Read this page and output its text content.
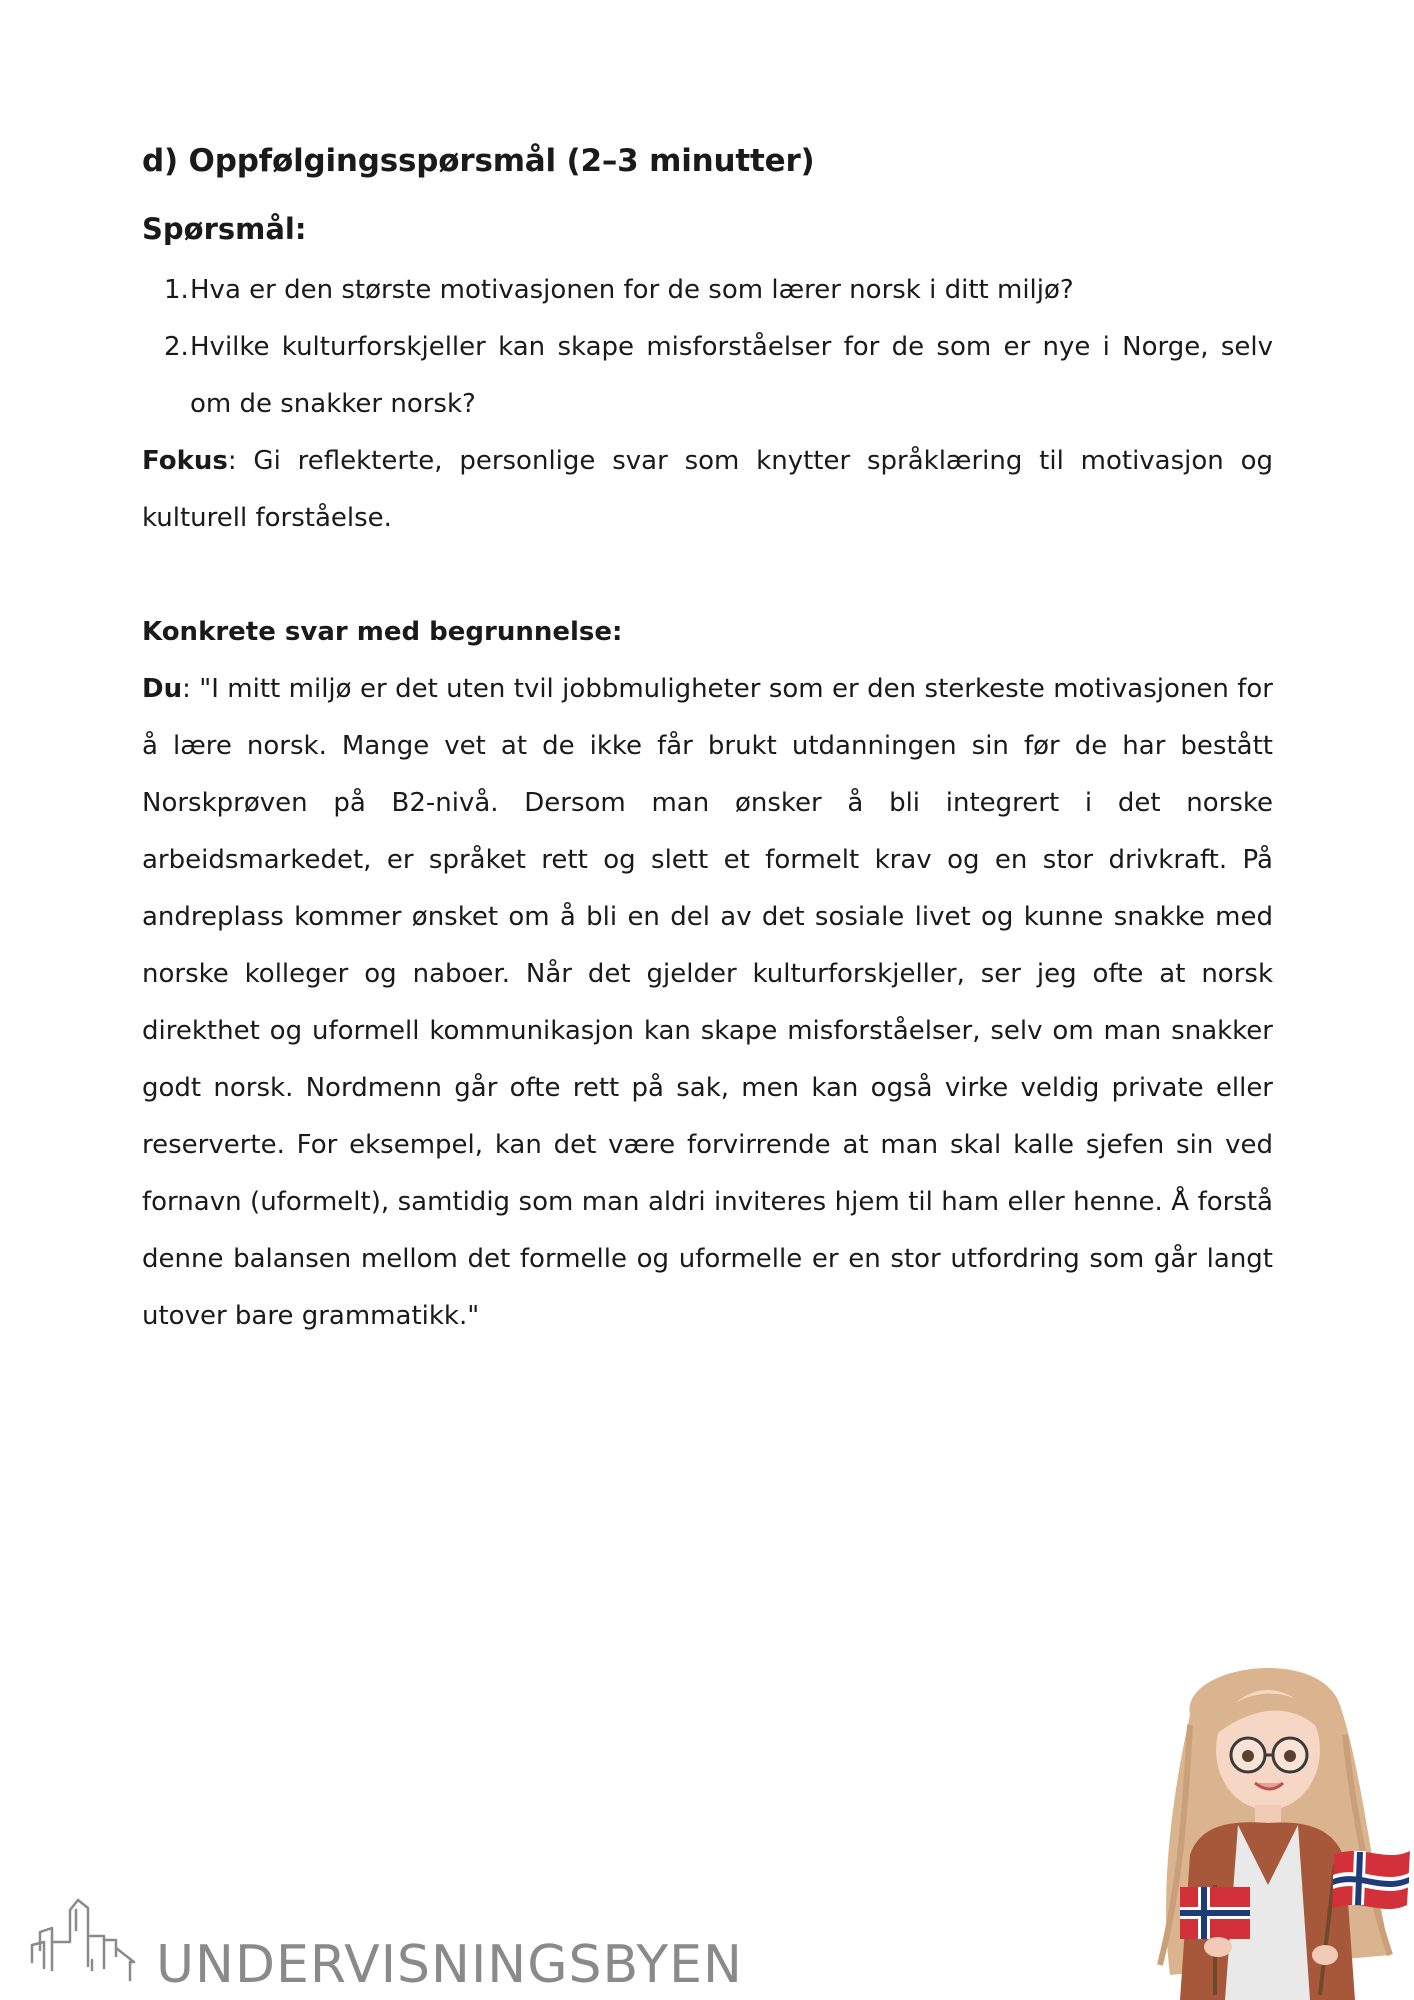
d) Oppfølgingsspørsmål (2–3 minutter)
Spørsmål:
1. Hva er den største motivasjonen for de som lærer norsk i ditt miljø?
2. Hvilke kulturforskjeller kan skape misforståelser for de som er nye i Norge, selv om de snakker norsk?

Fokus: Gi reflekterte, personlige svar som knytter språklæring til motivasjon og kulturell forståelse.

Konkrete svar med begrunnelse:

Du: "I mitt miljø er det uten tvil jobbmuligheter som er den sterkeste motivasjonen for å lære norsk. Mange vet at de ikke får brukt utdanningen sin før de har bestått Norskprøven på B2-nivå. Dersom man ønsker å bli integrert i det norske arbeidsmarkedet, er språket rett og slett et formelt krav og en stor drivkraft. På andreplass kommer ønsket om å bli en del av det sosiale livet og kunne snakke med norske kolleger og naboer. Når det gjelder kulturforskjeller, ser jeg ofte at norsk direkthet og uformell kommunikasjon kan skape misforståelser, selv om man snakker godt norsk. Nordmenn går ofte rett på sak, men kan også virke veldig private eller reserverte. For eksempel, kan det være forvirrende at man skal kalle sjefen sin ved fornavn (uformelt), samtidig som man aldri inviteres hjem til ham eller henne. Å forstå denne balansen mellom det formelle og uformelle er en stor utfordring som går langt utover bare grammatikk."

UNDERVISNINGSBYEN
